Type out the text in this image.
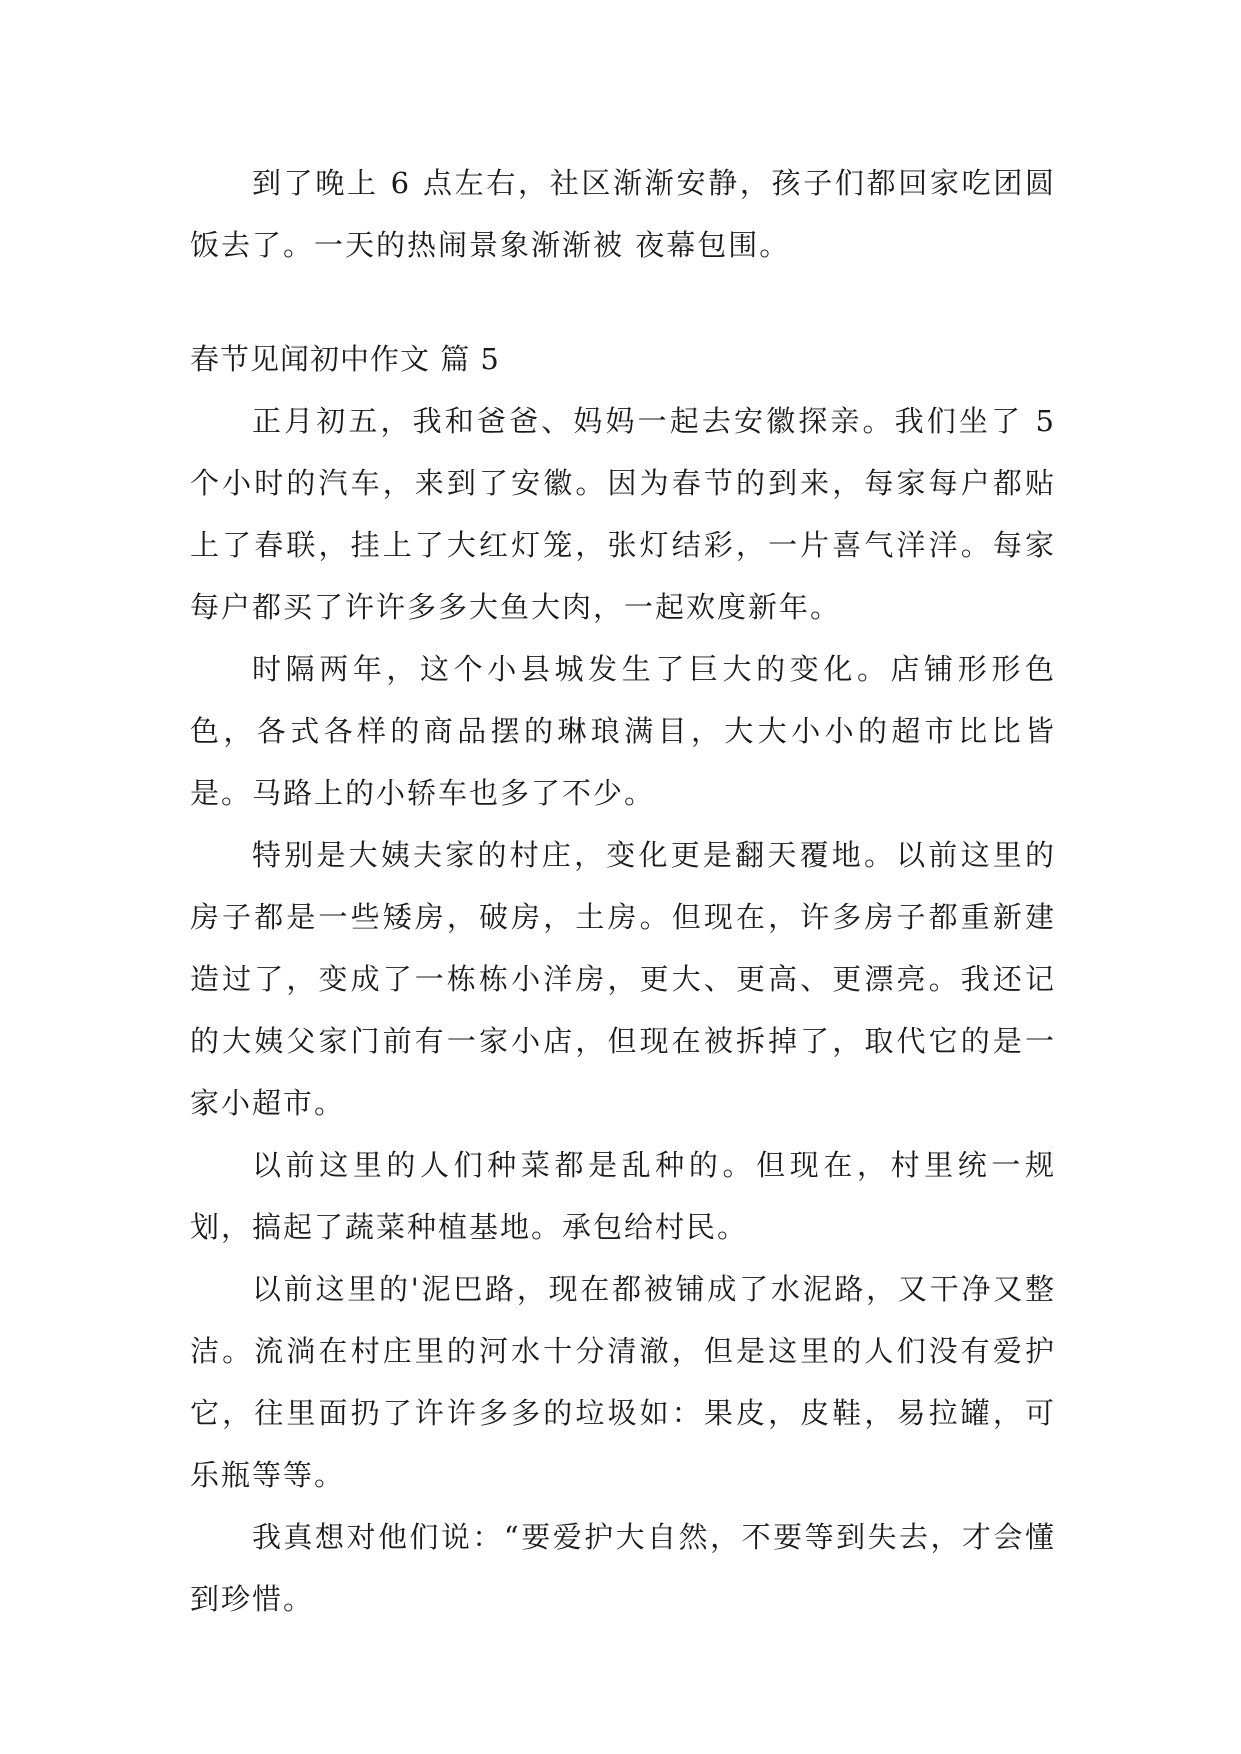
到了晚上 6 点左右，社区渐渐安静，孩子们都回家吃团圆饭去了。一天的热闹景象渐渐被 夜幕包围。

春节见闻初中作文 篇 5

正月初五，我和爸爸、妈妈一起去安徽探亲。我们坐了 5 个小时的汽车，来到了安徽。因为春节的到来，每家每户都贴上了春联，挂上了大红灯笼，张灯结彩，一片喜气洋洋。每家每户都买了许许多多大鱼大肉，一起欢度新年。

时隔两年，这个小县城发生了巨大的变化。店铺形形色色，各式各样的商品摆的琳琅满目，大大小小的超市比比皆是。马路上的小轿车也多了不少。

特别是大姨夫家的村庄，变化更是翻天覆地。以前这里的房子都是一些矮房，破房，土房。但现在，许多房子都重新建造过了，变成了一栋栋小洋房，更大、更高、更漂亮。我还记的大姨父家门前有一家小店，但现在被拆掉了，取代它的是一家小超市。

以前这里的人们种菜都是乱种的。但现在，村里统一规划，搞起了蔬菜种植基地。承包给村民。

以前这里的'泥巴路，现在都被铺成了水泥路，又干净又整洁。流淌在村庄里的河水十分清澈，但是这里的人们没有爱护它，往里面扔了许许多多的垃圾如：果皮，皮鞋，易拉罐，可乐瓶等等。

我真想对他们说：“要爱护大自然，不要等到失去，才会懂到珍惜。
